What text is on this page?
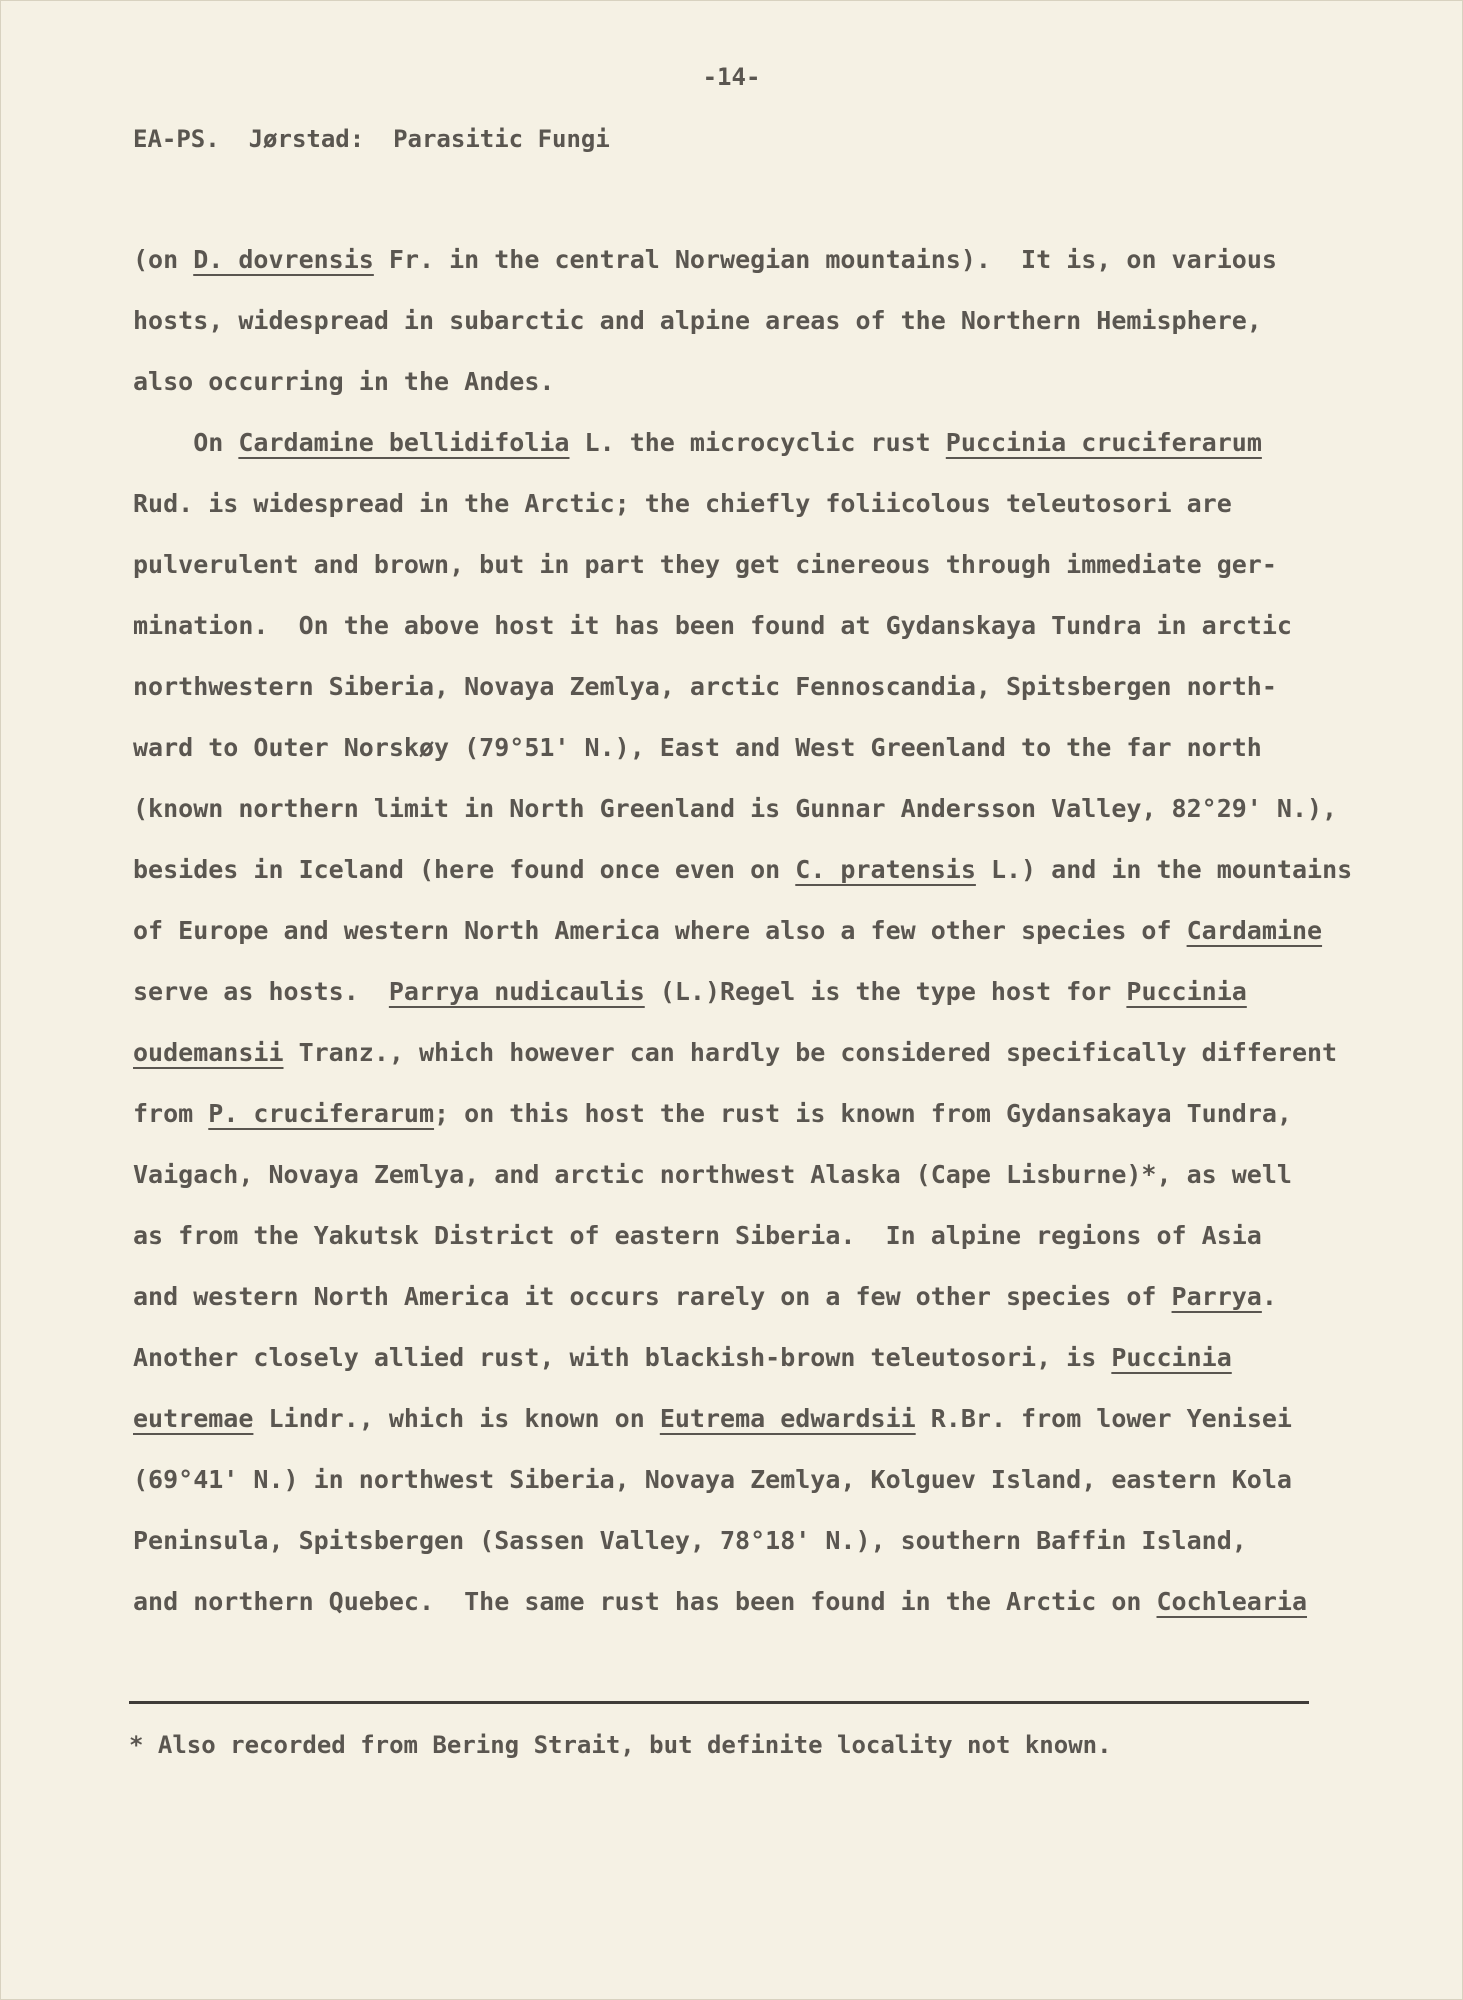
-14-
EA-PS.  Jørstad:  Parasitic Fungi
(on D. dovrensis Fr. in the central Norwegian mountains).  It is, on various
hosts, widespread in subarctic and alpine areas of the Northern Hemisphere,
also occurring in the Andes.
On Cardamine bellidifolia L. the microcyclic rust Puccinia cruciferarum
Rud. is widespread in the Arctic; the chiefly foliicolous teleutosori are
pulverulent and brown, but in part they get cinereous through immediate ger-
mination.  On the above host it has been found at Gydanskaya Tundra in arctic
northwestern Siberia, Novaya Zemlya, arctic Fennoscandia, Spitsbergen north-
ward to Outer Norskøy (79°51' N.), East and West Greenland to the far north
(known northern limit in North Greenland is Gunnar Andersson Valley, 82°29' N.),
besides in Iceland (here found once even on C. pratensis L.) and in the mountains
of Europe and western North America where also a few other species of Cardamine
serve as hosts.  Parrya nudicaulis (L.)Regel is the type host for Puccinia
oudemansii Tranz., which however can hardly be considered specifically different
from P. cruciferarum; on this host the rust is known from Gydansakaya Tundra,
Vaigach, Novaya Zemlya, and arctic northwest Alaska (Cape Lisburne)*, as well
as from the Yakutsk District of eastern Siberia.  In alpine regions of Asia
and western North America it occurs rarely on a few other species of Parrya.
Another closely allied rust, with blackish-brown teleutosori, is Puccinia
eutremae Lindr., which is known on Eutrema edwardsii R.Br. from lower Yenisei
(69°41' N.) in northwest Siberia, Novaya Zemlya, Kolguev Island, eastern Kola
Peninsula, Spitsbergen (Sassen Valley, 78°18' N.), southern Baffin Island,
and northern Quebec.  The same rust has been found in the Arctic on Cochlearia
* Also recorded from Bering Strait, but definite locality not known.
